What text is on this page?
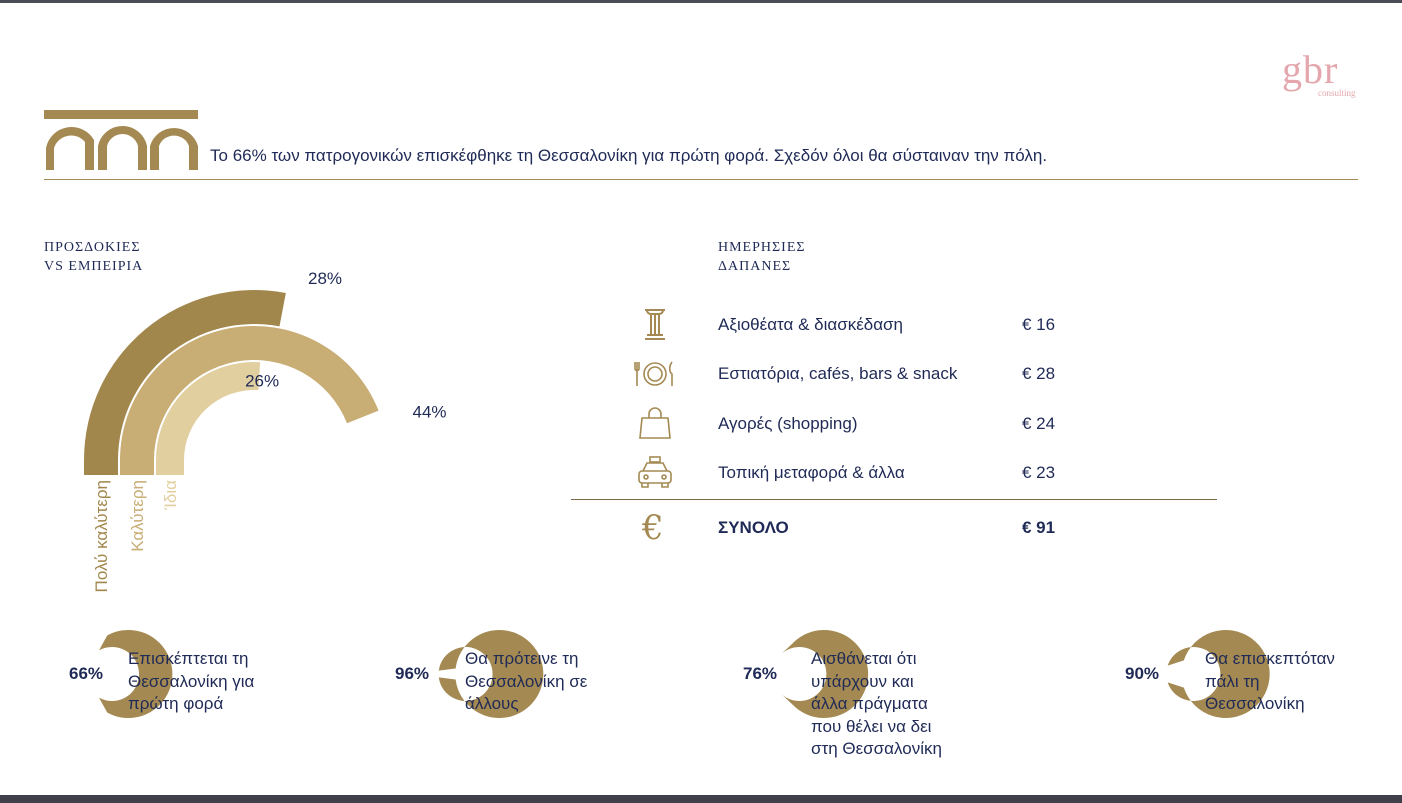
gbr
consulting
Το 66% των πατρογονικών επισκέφθηκε τη Θεσσαλονίκη για πρώτη φορά. Σχεδόν όλοι θα σύσταιναν την πόλη.
ΠΡΟΣΔΟΚΙΕΣ
VS ΕΜΠΕΙΡΙΑ
28%
Πολύ καλύτερη
44%
Καλύτερη
26%
Ίδια
ΗΜΕΡΗΣΙΕΣ
ΔΑΠΑΝΕΣ
Αξιοθέατα & διασκέδαση	€ 16
Εστιατόρια, cafés, bars & snack	€ 28
Αγορές (shopping)	€ 24
Τοπική μεταφορά & άλλα	€ 23
€	ΣΥΝΟΛΟ	€ 91
66%
Επισκέπτεται τη
Θεσσαλονίκη για
πρώτη φορά
96%
Θα πρότεινε τη
Θεσσαλονίκη σε
άλλους
76%
Αισθάνεται ότι
υπάρχουν και
άλλα πράγματα
που θέλει να δει
στη Θεσσαλονίκη
90%
Θα επισκεπτόταν
πάλι τη
Θεσσαλονίκη
